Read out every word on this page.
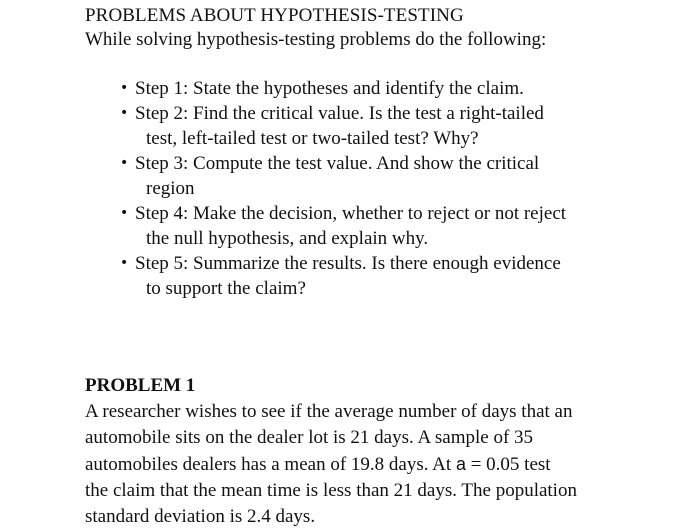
PROBLEMS ABOUT HYPOTHESIS-TESTING
While solving hypothesis-testing problems do the following:
• Step 1: State the hypotheses and identify the claim.
• Step 2: Find the critical value. Is the test a right-tailed
test, left-tailed test or two-tailed test? Why?
• Step 3: Compute the test value. And show the critical
region
• Step 4: Make the decision, whether to reject or not reject
the null hypothesis, and explain why.
• Step 5: Summarize the results. Is there enough evidence
to support the claim?
PROBLEM 1
A researcher wishes to see if the average number of days that an
automobile sits on the dealer lot is 21 days. A sample of 35
automobiles dealers has a mean of 19.8 days. At a = 0.05 test
the claim that the mean time is less than 21 days. The population
standard deviation is 2.4 days.
